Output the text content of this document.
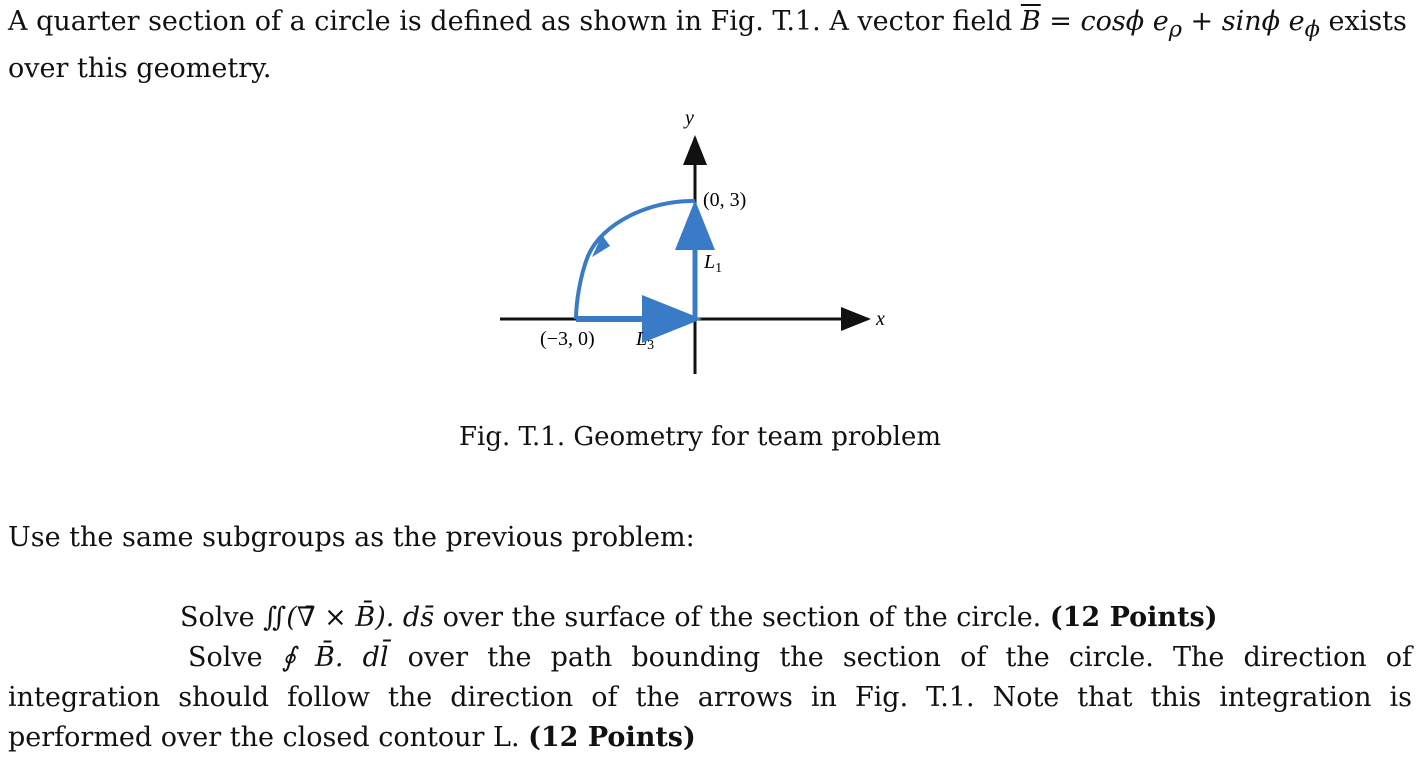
A quarter section of a circle is defined as shown in Fig. T.1. A vector field $\overline{B} = \cos\phi$ $e_\rho + \sin\phi$ $e_\phi$ exists over this geometry.

y
x
(0, 3)
(−3, 0)
$L_1$
$L_3$
Fig. T.1. Geometry for team problem

Use the same subgroups as the previous problem:

Solve ∬(∇̄ × B̄). ds̄ over the surface of the section of the circle. (12 Points)

Solve ∮ B̄. dl̄ over the path bounding the section of the circle. The direction of integration should follow the direction of the arrows in Fig. T.1. Note that this integration is performed over the closed contour L. (12 Points)
